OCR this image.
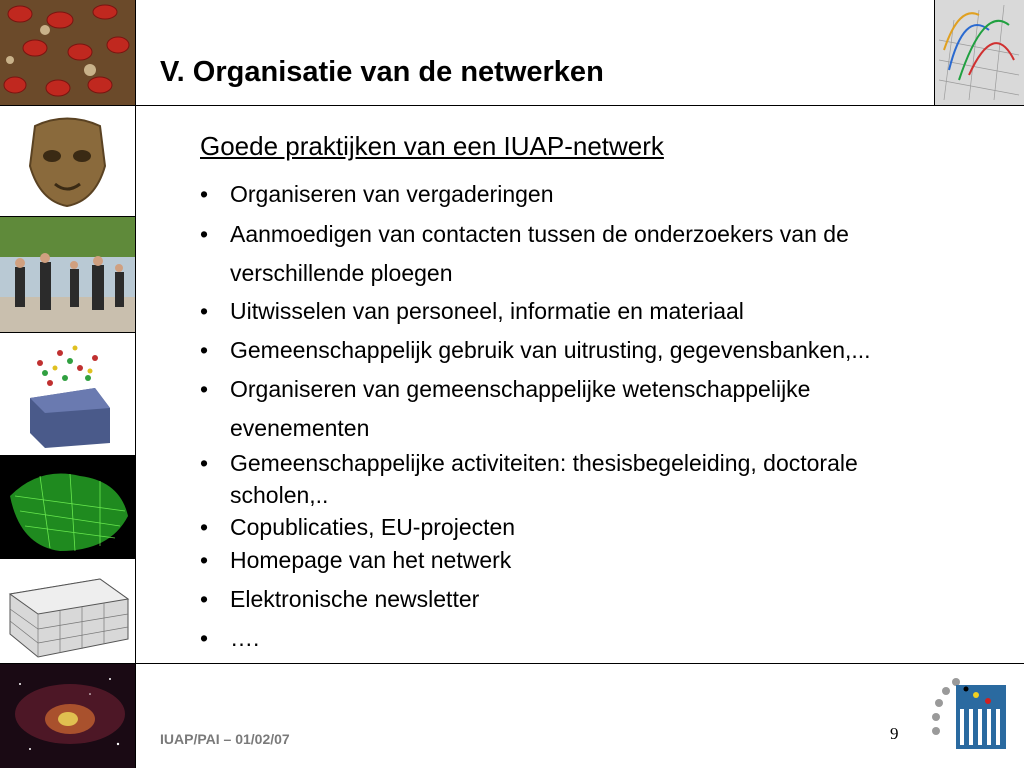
V. Organisatie van de netwerken
Goede praktijken van een IUAP-netwerk
• Organiseren van vergaderingen
• Aanmoedigen van contacten tussen de onderzoekers van de
verschillende ploegen
• Uitwisselen van personeel, informatie en materiaal
• Gemeenschappelijk gebruik van uitrusting, gegevensbanken,...
• Organiseren van gemeenschappelijke wetenschappelijke
evenementen
• Gemeenschappelijke activiteiten: thesisbegeleiding, doctorale
scholen,..
• Copublicaties, EU-projecten
• Homepage van het netwerk
• Elektronische newsletter
• ….
IUAP/PAI – 01/02/07	9
